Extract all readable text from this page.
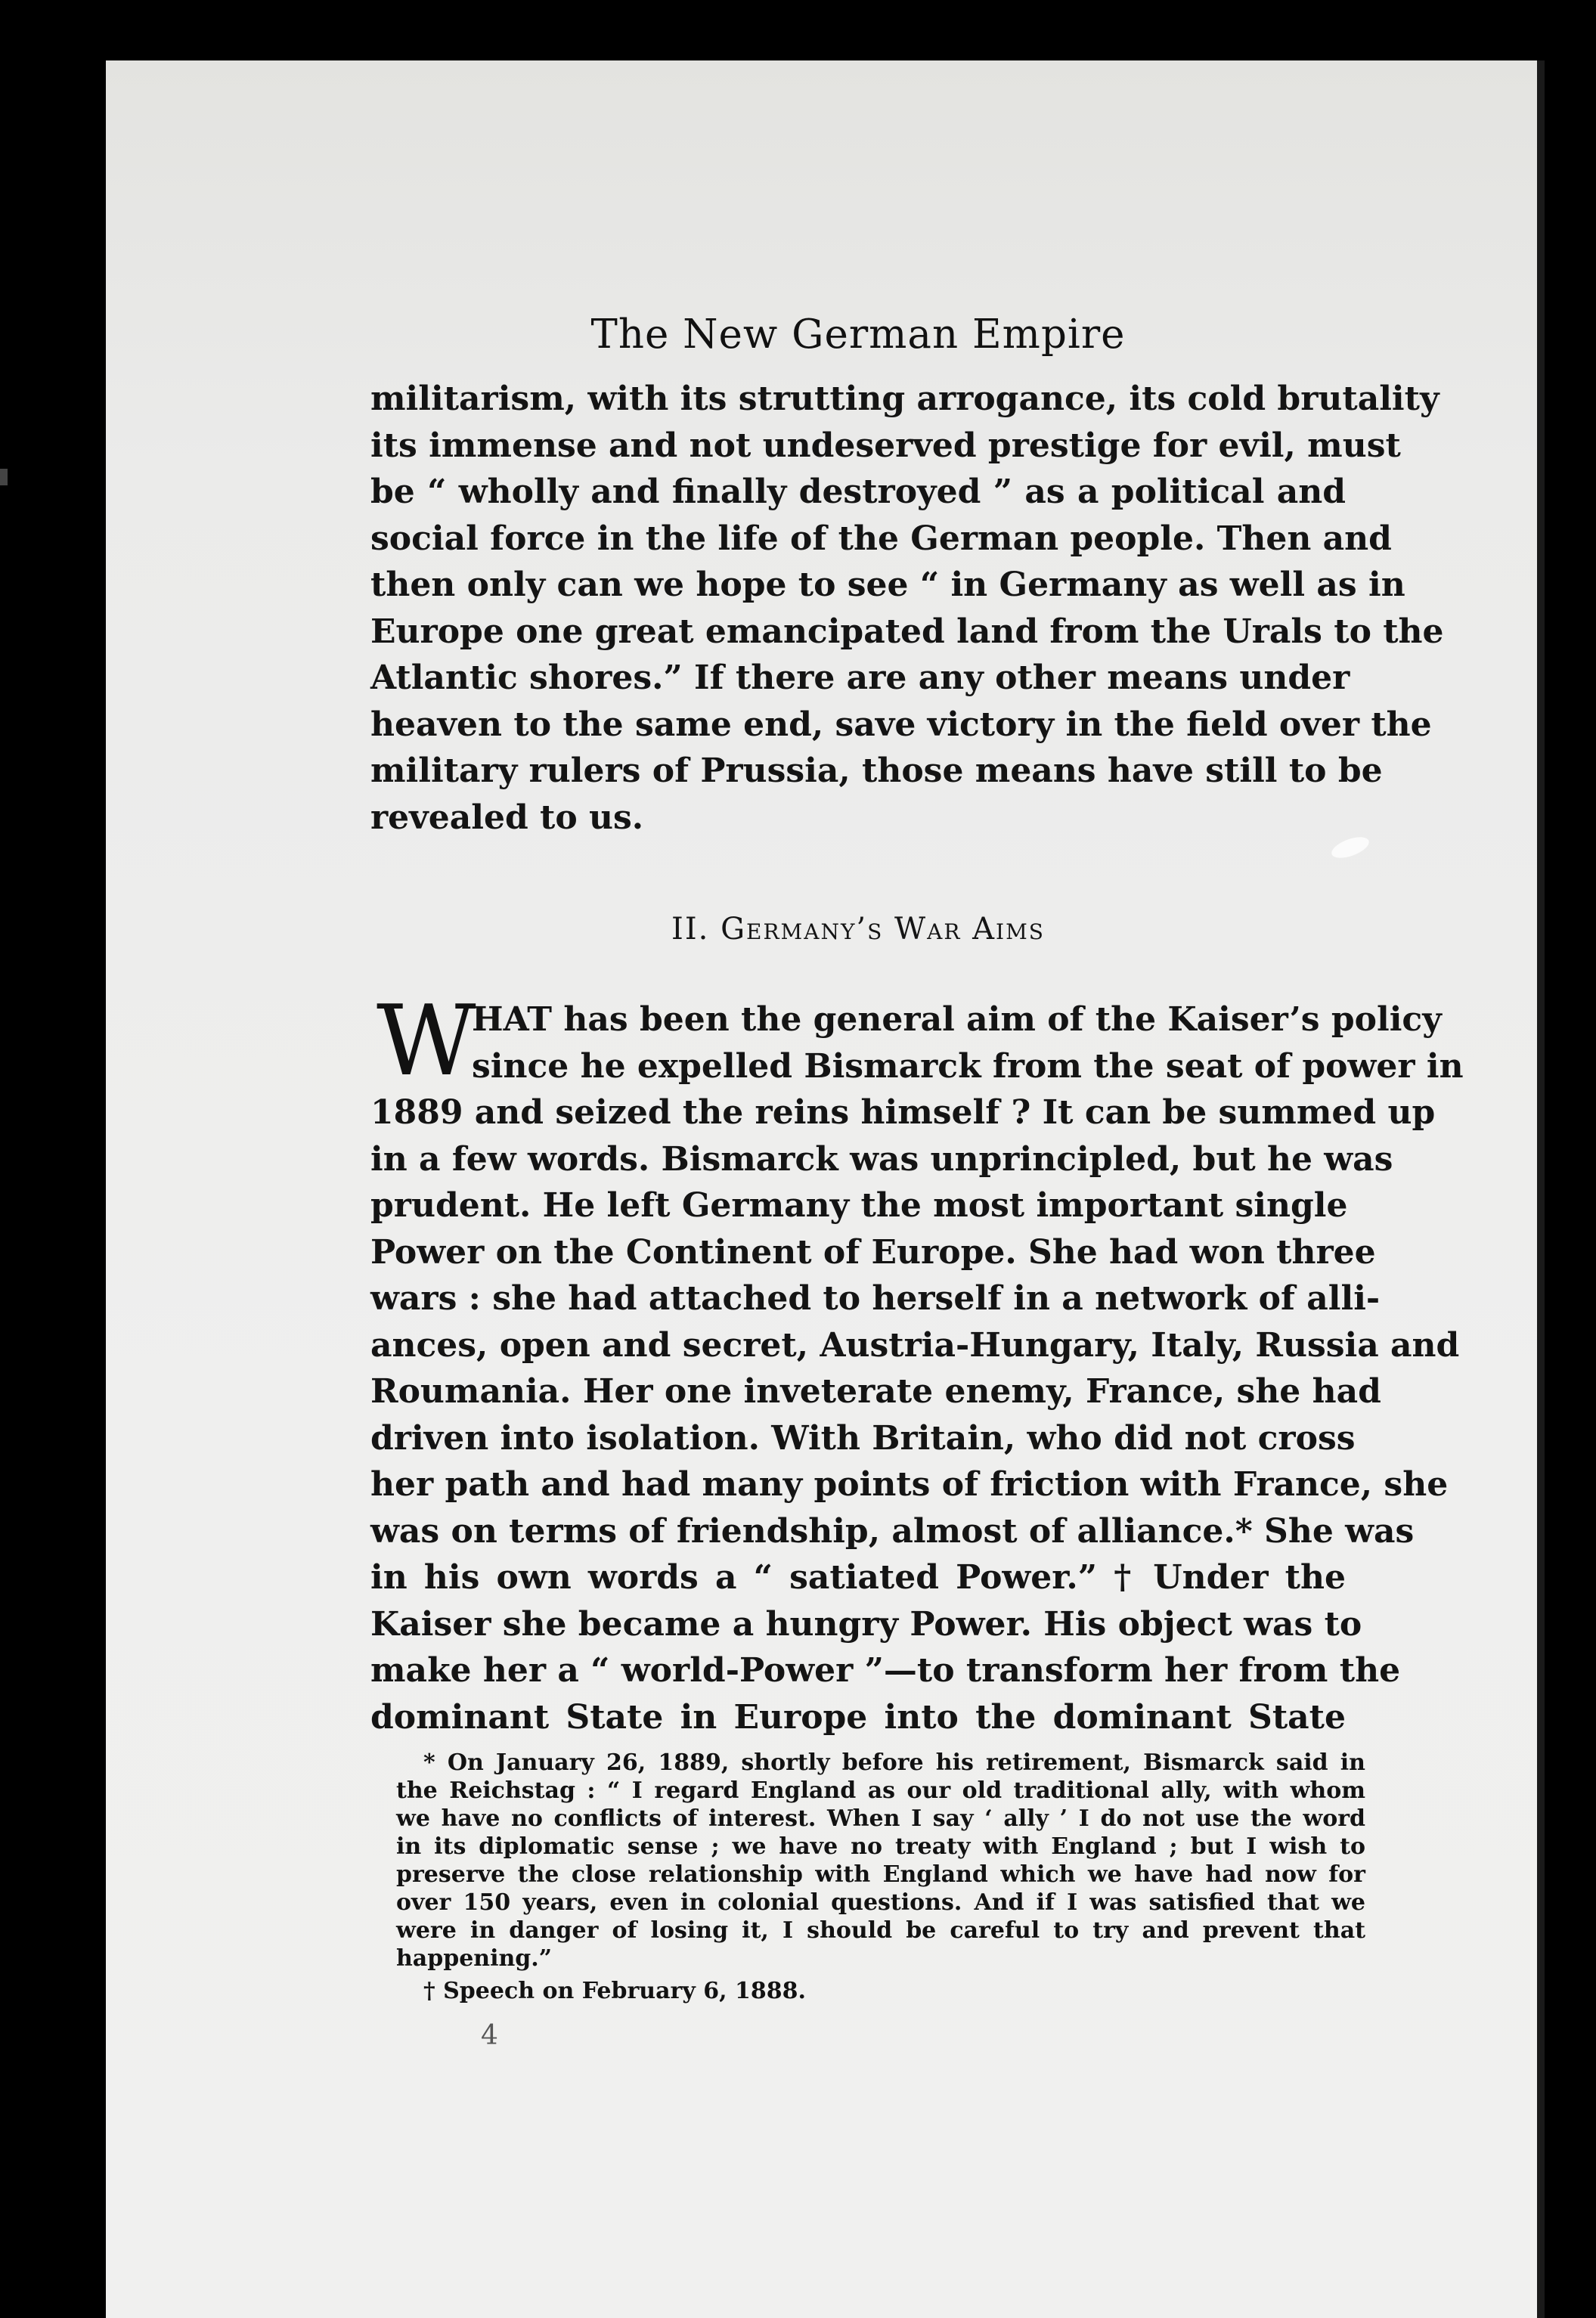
The New German Empire
militarism, with its strutting arrogance, its cold brutality
its immense and not undeserved prestige for evil, must
be “ wholly and finally destroyed ” as a political and
social force in the life of the German people. Then and
then only can we hope to see “ in Germany as well as in
Europe one great emancipated land from the Urals to the
Atlantic shores.” If there are any other means under
heaven to the same end, save victory in the field over the
military rulers of Prussia, those means have still to be
revealed to us.
II. Germany’s War Aims
W
HAT has been the general aim of the Kaiser’s policy
since he expelled Bismarck from the seat of power in
1889 and seized the reins himself ? It can be summed up
in a few words. Bismarck was unprincipled, but he was
prudent. He left Germany the most important single
Power on the Continent of Europe. She had won three
wars : she had attached to herself in a network of alli-
ances, open and secret, Austria-Hungary, Italy, Russia and
Roumania. Her one inveterate enemy, France, she had
driven into isolation. With Britain, who did not cross
her path and had many points of friction with France, she
was on terms of friendship, almost of alliance.* She was
in his own words a “ satiated Power.” † Under the
Kaiser she became a hungry Power. His object was to
make her a “ world-Power ”—to transform her from the
dominant State in Europe into the dominant State
* On January 26, 1889, shortly before his retirement, Bismarck said in
the Reichstag : “ I regard England as our old traditional ally, with whom
we have no conflicts of interest. When I say ‘ ally ’ I do not use the word
in its diplomatic sense ; we have no treaty with England ; but I wish to
preserve the close relationship with England which we have had now for
over 150 years, even in colonial questions. And if I was satisfied that we
were in danger of losing it, I should be careful to try and prevent that
happening.”
† Speech on February 6, 1888.
4
